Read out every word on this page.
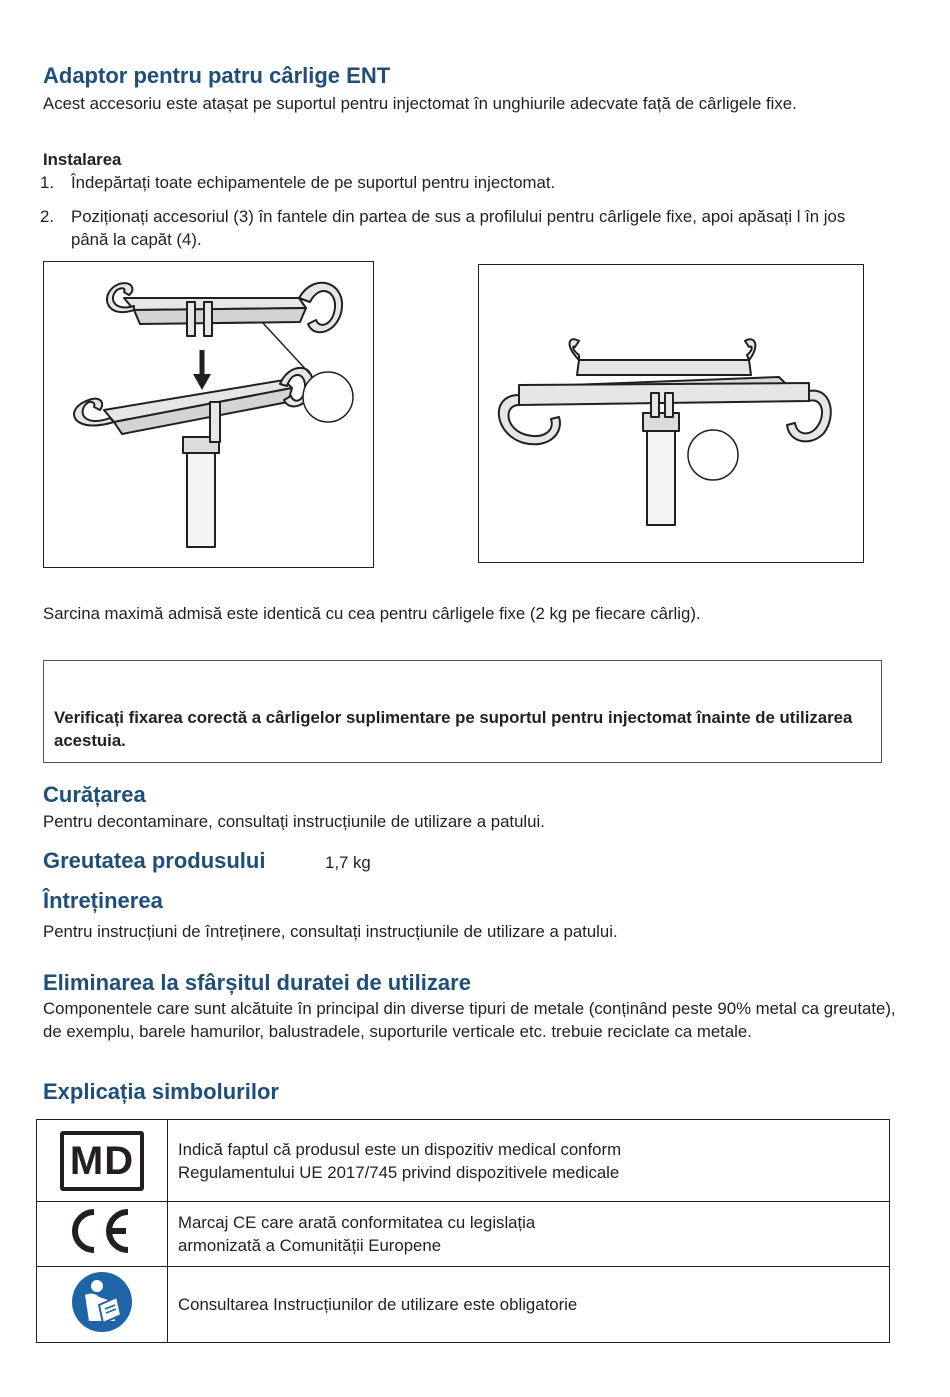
Adaptor pentru patru cârlige ENT
Acest accesoriu este atașat pe suportul pentru injectomat în unghiurile adecvate față de cârligele fixe.
Instalarea
1. Îndepărtați toate echipamentele de pe suportul pentru injectomat.
2. Poziționați accesoriul (3) în fantele din partea de sus a profilului pentru cârligele fixe, apoi apăsați l în jos până la capăt (4).
Sarcina maximă admisă este identică cu cea pentru cârligele fixe (2 kg pe fiecare cârlig).
Verificați fixarea corectă a cârligelor suplimentare pe suportul pentru injectomat înainte de utilizarea acestuia.
Curățarea
Pentru decontaminare, consultați instrucțiunile de utilizare a patului.
Greutatea produsului	1,7 kg
Întreținerea
Pentru instrucțiuni de întreținere, consultați instrucțiunile de utilizare a patului.
Eliminarea la sfârșitul duratei de utilizare
Componentele care sunt alcătuite în principal din diverse tipuri de metale (conținând peste 90% metal ca greutate), de exemplu, barele hamurilor, balustradele, suporturile verticale etc. trebuie reciclate ca metale.
Explicația simbolurilor
MD	Indică faptul că produsul este un dispozitiv medical conform
Regulamentului UE 2017/745 privind dispozitivele medicale

Marcaj CE care arată conformitatea cu legislația
armonizată a Comunității Europene

Consultarea Instrucțiunilor de utilizare este obligatorie
